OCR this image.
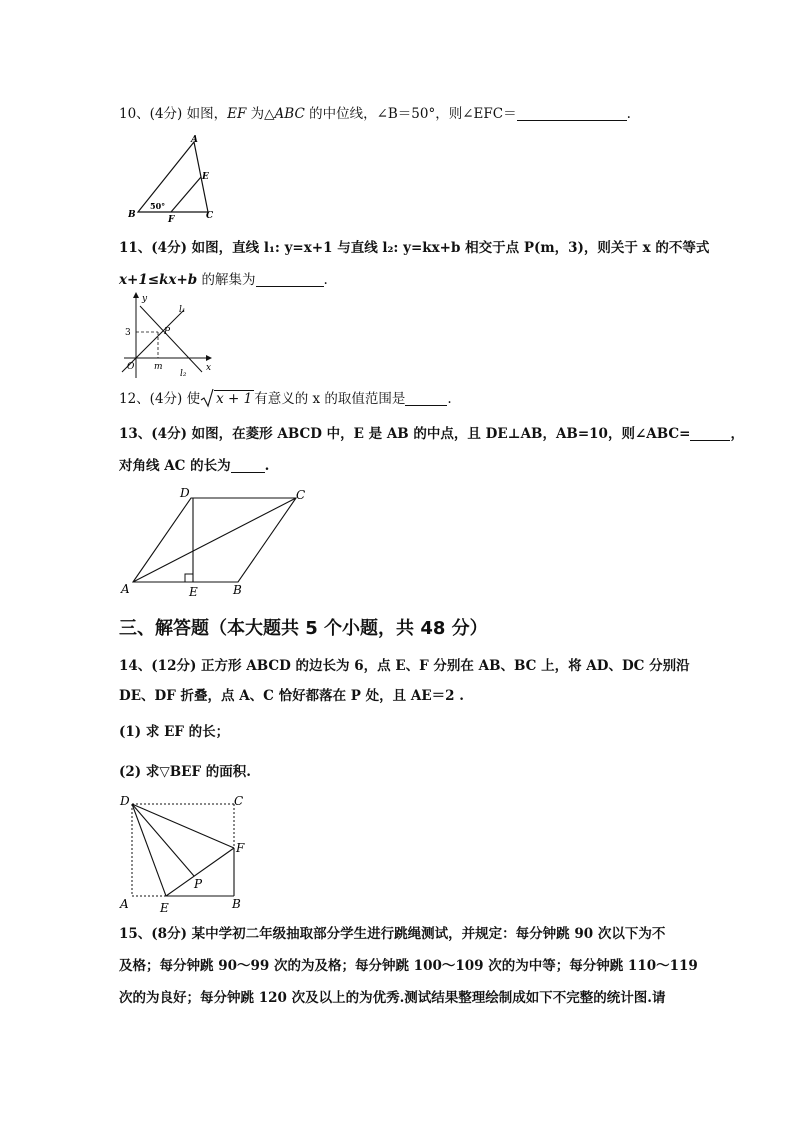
10、(4分) 如图，EF 为△ABC 的中位线，∠B＝50°，则∠EFC＝	.
A
B	C
E
F
50°
11、(4分) 如图，直线 l₁: y=x+1 与直线 l₂: y=kx+b 相交于点 P(m，3)，则关于 x 的不等式
x+1≤kx+b 的解集为	.
y
x
3	P
O m
l₁
l₂
12、(4分) 使 x + 1 有意义的 x 的取值范围是	.
13、(4分) 如图，在菱形 ABCD 中，E 是 AB 的中点，且 DE⊥AB，AB=10，则∠ABC=	，
对角线 AC 的长为	.
D	C
A	E	B
三、解答题（本大题共 5 个小题，共 48 分）
14、(12分) 正方形 ABCD 的边长为 6，点 E、F 分别在 AB、BC 上，将 AD、DC 分别沿
DE、DF 折叠，点 A、C 恰好都落在 P 处，且 AE＝2 .
(1) 求 EF 的长；
(2) 求▽BEF 的面积.
D	C
F
P
A	E	B
15、(8分) 某中学初二年级抽取部分学生进行跳绳测试，并规定：每分钟跳 90 次以下为不
及格；每分钟跳 90～99 次的为及格；每分钟跳 100～109 次的为中等；每分钟跳 110～119
次的为良好；每分钟跳 120 次及以上的为优秀.测试结果整理绘制成如下不完整的统计图.请
